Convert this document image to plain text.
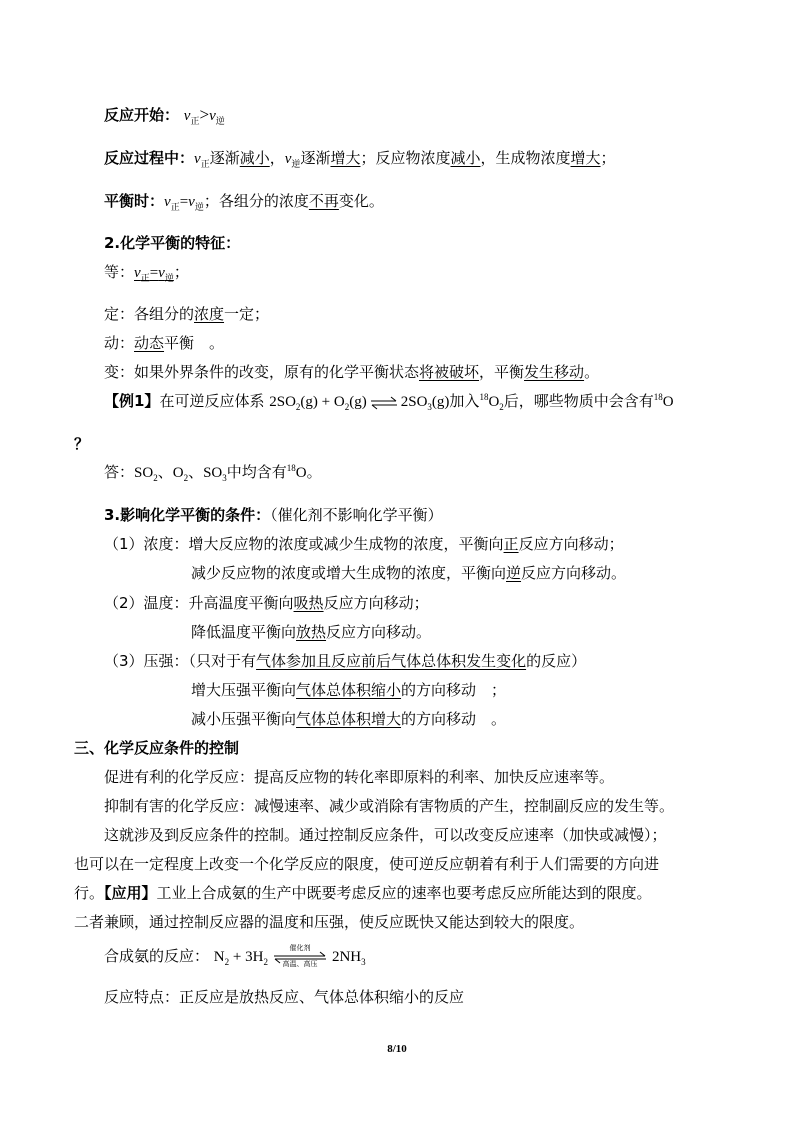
反应开始： $v_正>v_逆$
反应过程中：$v_正$逐渐减小，$v_逆$逐渐增大；反应物浓度减小，生成物浓度增大；
平衡时：$v_正=v_逆$；各组分的浓度不再变化。
2.化学平衡的特征：
等：$v_正=v_逆$；
定：各组分的浓度一定；
动：动态平衡　。
变：如果外界条件的改变，原有的化学平衡状态将被破坏，平衡发生移动。
【例1】在可逆反应体系 $2SO_2(g) + O_2(g)$ ⇌ $2SO_3(g)$加入$^{18}O_2$后，哪些物质中会含有$^{18}$O
？
答：$SO_2$、$O_2$、$SO_3$中均含有$^{18}$O。
3.影响化学平衡的条件：（催化剂不影响化学平衡）
（1）浓度：增大反应物的浓度或减少生成物的浓度，平衡向正反应方向移动；
减少反应物的浓度或增大生成物的浓度，平衡向逆反应方向移动。
（2）温度：升高温度平衡向吸热反应方向移动；
降低温度平衡向放热反应方向移动。
（3）压强：（只对于有气体参加且反应前后气体总体积发生变化的反应）
增大压强平衡向气体总体积缩小的方向移动　；
减小压强平衡向气体总体积增大的方向移动　。
三、化学反应条件的控制
促进有利的化学反应：提高反应物的转化率即原料的利率、加快反应速率等。
抑制有害的化学反应：减慢速率、减少或消除有害物质的产生，控制副反应的发生等。
这就涉及到反应条件的控制。通过控制反应条件，可以改变反应速率（加快或减慢）；
也可以在一定程度上改变一个化学反应的限度，使可逆反应朝着有利于人们需要的方向进
行。【应用】工业上合成氨的生产中既要考虑反应的速率也要考虑反应所能达到的限度。
二者兼顾，通过控制反应器的温度和压强，使反应既快又能达到较大的限度。
合成氨的反应： $N_2 + 3H_2$
催化剂
高温、高压 $2NH_3$
反应特点：正反应是放热反应、气体总体积缩小的反应
8/10
